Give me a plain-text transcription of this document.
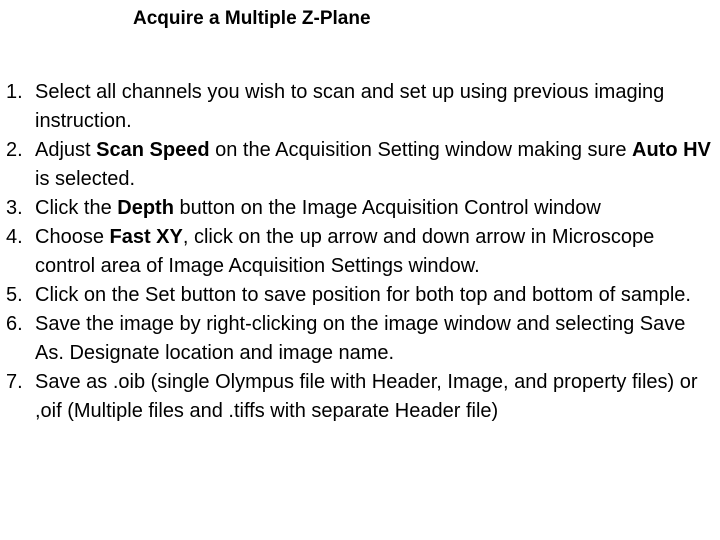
Acquire a Multiple Z-Plane
1. Select all channels you wish to scan and set up using previous imaging instruction.
2. Adjust Scan Speed on the Acquisition Setting window making sure Auto HV is selected.
3. Click the Depth button on the Image Acquisition Control window
4. Choose Fast XY, click on the up arrow and down arrow in Microscope control area of Image Acquisition Settings window.
5. Click on the Set button to save position for both top and bottom of sample.
6. Save the image by right-clicking on the image window and selecting Save As. Designate location and image name.
7. Save as .oib (single Olympus file with Header, Image, and property files) or ,oif (Multiple files and .tiffs with separate Header file)
